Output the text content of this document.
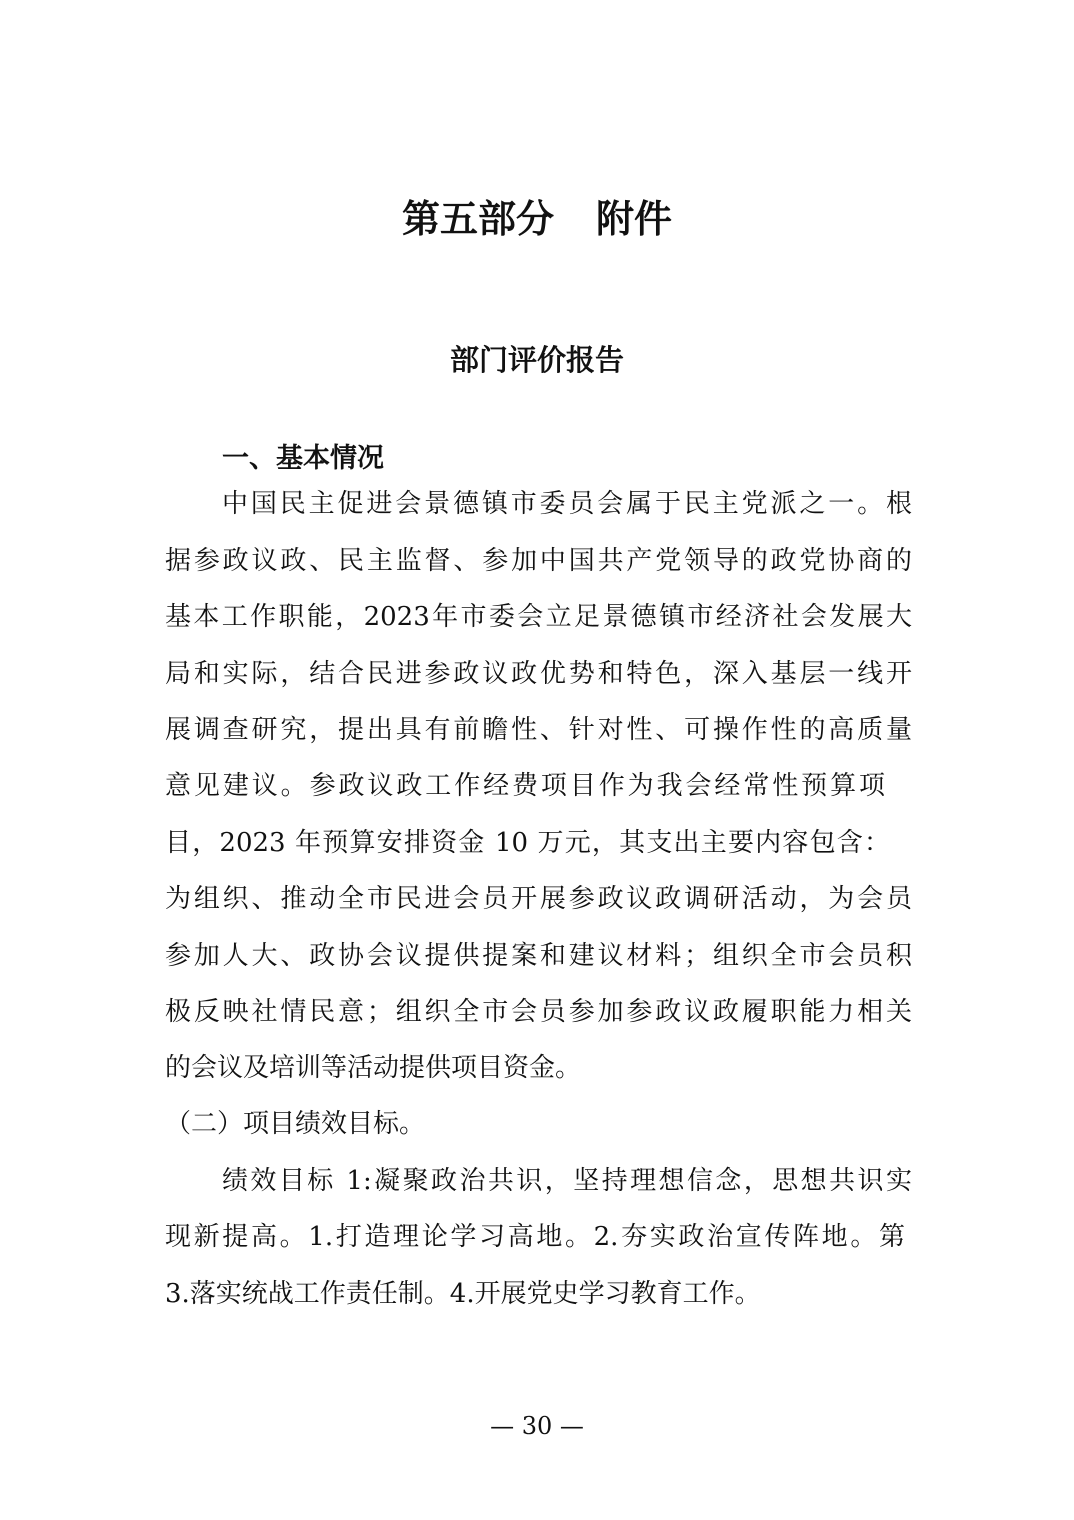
第五部分 附件
部门评价报告
一、基本情况
中国民主促进会景德镇市委员会属于民主党派之一。根
据参政议政、民主监督、参加中国共产党领导的政党协商的
基本工作职能，2023年市委会立足景德镇市经济社会发展大
局和实际，结合民进参政议政优势和特色，深入基层一线开
展调查研究，提出具有前瞻性、针对性、可操作性的高质量
意见建议。参政议政工作经费项目作为我会经常性预算项
目，2023 年预算安排资金 10 万元，其支出主要内容包含：
为组织、推动全市民进会员开展参政议政调研活动，为会员
参加人大、政协会议提供提案和建议材料；组织全市会员积
极反映社情民意；组织全市会员参加参政议政履职能力相关
的会议及培训等活动提供项目资金。
（二）项目绩效目标。
绩效目标 1:凝聚政治共识，坚持理想信念，思想共识实
现新提高。1.打造理论学习高地。2.夯实政治宣传阵地。第
3.落实统战工作责任制。4.开展党史学习教育工作。
— 30 —
